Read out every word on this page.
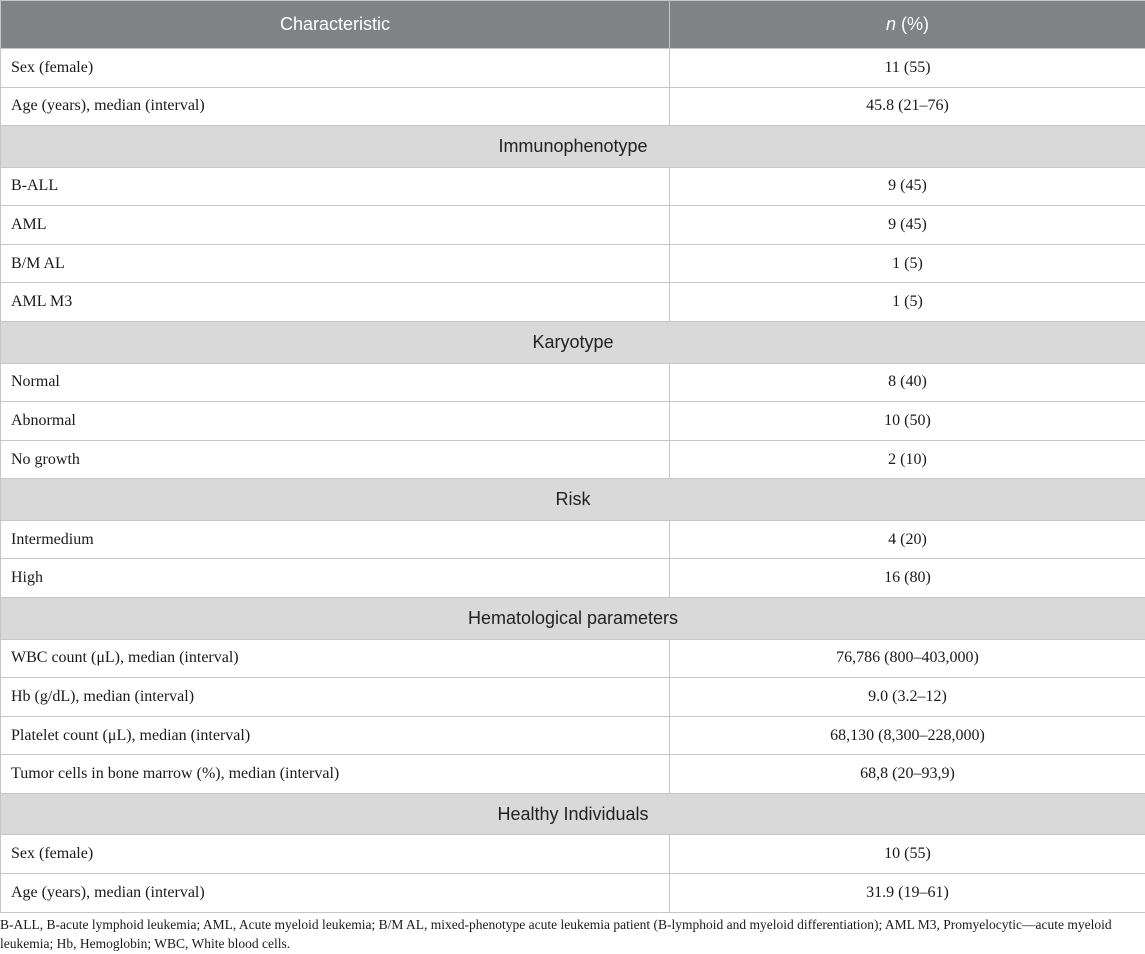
Characteristic	n (%)
Sex (female)	11 (55)
Age (years), median (interval)	45.8 (21–76)
Immunophenotype	
B-ALL	9 (45)
AML	9 (45)
B/M AL	1 (5)
AML M3	1 (5)
Karyotype	
Normal	8 (40)
Abnormal	10 (50)
No growth	2 (10)
Risk	
Intermedium	4 (20)
High	16 (80)
Hematological parameters	
WBC count (μL), median (interval)	76,786 (800–403,000)
Hb (g/dL), median (interval)	9.0 (3.2–12)
Platelet count (μL), median (interval)	68,130 (8,300–228,000)
Tumor cells in bone marrow (%), median (interval)	68,8 (20–93,9)
Healthy Individuals	
Sex (female)	10 (55)
Age (years), median (interval)	31.9 (19–61)
B-ALL, B-acute lymphoid leukemia; AML, Acute myeloid leukemia; B/M AL, mixed-phenotype acute leukemia patient (B-lymphoid and myeloid differentiation); AML M3, Promyelocytic—acute myeloid leukemia; Hb, Hemoglobin; WBC, White blood cells.
